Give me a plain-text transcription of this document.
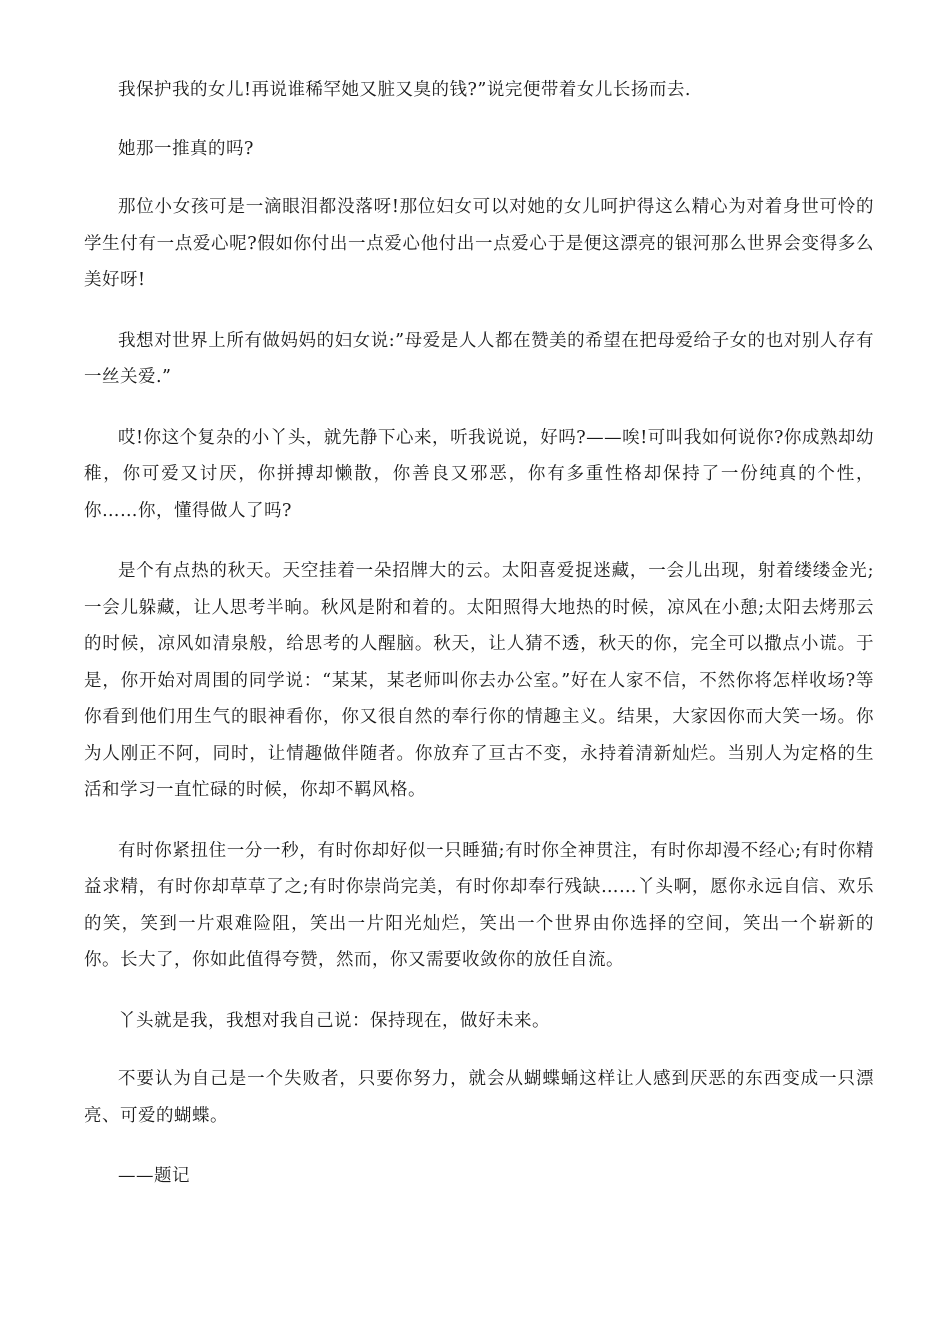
我保护我的女儿!再说谁稀罕她又脏又臭的钱?”说完便带着女儿长扬而去.

她那一推真的吗?

那位小女孩可是一滴眼泪都没落呀!那位妇女可以对她的女儿呵护得这么精心为对着身世可怜的学生付有一点爱心呢?假如你付出一点爱心他付出一点爱心于是便这漂亮的银河那么世界会变得多么美好呀!

我想对世界上所有做妈妈的妇女说:”母爱是人人都在赞美的希望在把母爱给子女的也对别人存有一丝关爱.”

哎!你这个复杂的小丫头，就先静下心来，听我说说，好吗?——唉!可叫我如何说你?你成熟却幼稚，你可爱又讨厌，你拼搏却懒散，你善良又邪恶，你有多重性格却保持了一份纯真的个性，你……你，懂得做人了吗?

是个有点热的秋天。天空挂着一朵招牌大的云。太阳喜爱捉迷藏，一会儿出现，射着缕缕金光;一会儿躲藏，让人思考半晌。秋风是附和着的。太阳照得大地热的时候，凉风在小憩;太阳去烤那云的时候，凉风如清泉般，给思考的人醒脑。秋天，让人猜不透，秋天的你，完全可以撒点小谎。于是，你开始对周围的同学说：“某某，某老师叫你去办公室。”好在人家不信，不然你将怎样收场?等你看到他们用生气的眼神看你，你又很自然的奉行你的情趣主义。结果，大家因你而大笑一场。你为人刚正不阿，同时，让情趣做伴随者。你放弃了亘古不变，永持着清新灿烂。当别人为定格的生活和学习一直忙碌的时候，你却不羁风格。

有时你紧扭住一分一秒，有时你却好似一只睡猫;有时你全神贯注，有时你却漫不经心;有时你精益求精，有时你却草草了之;有时你崇尚完美，有时你却奉行残缺……丫头啊，愿你永远自信、欢乐的笑，笑到一片艰难险阻，笑出一片阳光灿烂，笑出一个世界由你选择的空间，笑出一个崭新的你。长大了，你如此值得夸赞，然而，你又需要收敛你的放任自流。

丫头就是我，我想对我自己说：保持现在，做好未来。

不要认为自己是一个失败者，只要你努力，就会从蝴蝶蛹这样让人感到厌恶的东西变成一只漂亮、可爱的蝴蝶。

——题记
